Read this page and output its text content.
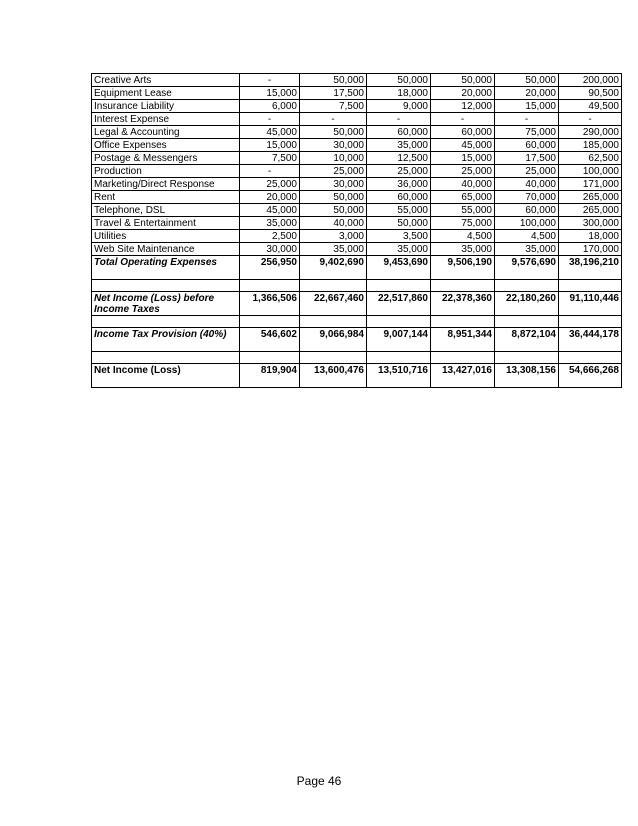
Creative Arts	-	50,000	50,000	50,000	50,000	200,000
Equipment Lease	15,000	17,500	18,000	20,000	20,000	90,500
Insurance Liability	6,000	7,500	9,000	12,000	15,000	49,500
Interest Expense	-	-	-	-	-	-
Legal & Accounting	45,000	50,000	60,000	60,000	75,000	290,000
Office Expenses	15,000	30,000	35,000	45,000	60,000	185,000
Postage & Messengers	7,500	10,000	12,500	15,000	17,500	62,500
Production	-	25,000	25,000	25,000	25,000	100,000
Marketing/Direct Response	25,000	30,000	36,000	40,000	40,000	171,000
Rent	20,000	50,000	60,000	65,000	70,000	265,000
Telephone, DSL	45,000	50,000	55,000	55,000	60,000	265,000
Travel & Entertainment	35,000	40,000	50,000	75,000	100,000	300,000
Utilities	2,500	3,000	3,500	4,500	4,500	18,000
Web Site Maintenance	30,000	35,000	35,000	35,000	35,000	170,000
Total Operating Expenses	256,950	9,402,690	9,453,690	9,506,190	9,576,690	38,196,210

Net Income (Loss) before Income Taxes	1,366,506	22,667,460	22,517,860	22,378,360	22,180,260	91,110,446

Income Tax Provision (40%)	546,602	9,066,984	9,007,144	8,951,344	8,872,104	36,444,178

Net Income (Loss)	819,904	13,600,476	13,510,716	13,427,016	13,308,156	54,666,268
Page 46
